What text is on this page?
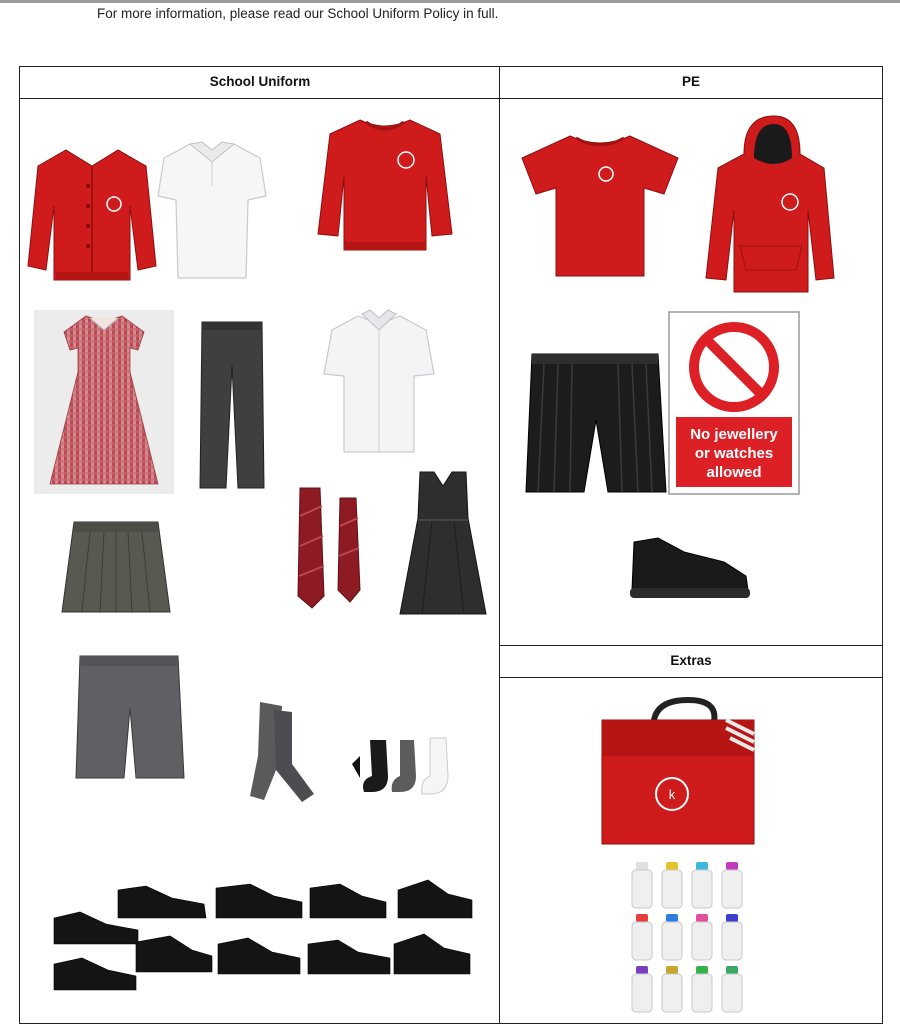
For more information, please read our School Uniform Policy in full.
School Uniform	PE
Extras
No jewellery
or watches
allowed
k
